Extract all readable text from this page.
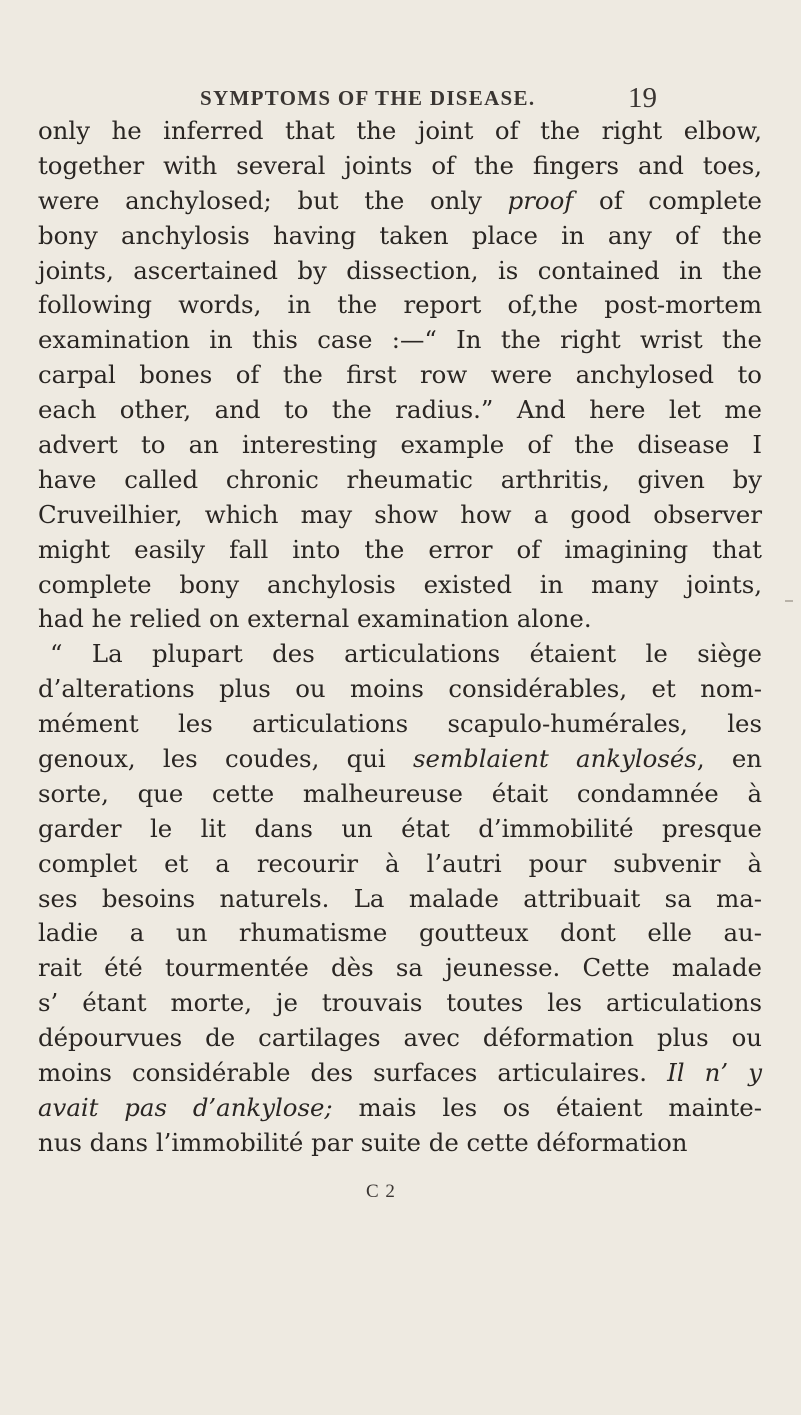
SYMPTOMS OF THE DISEASE.	19
only he inferred that the joint of the right elbow,
together with several joints of the fingers and toes,
were anchylosed; but the only proof of complete
bony anchylosis having taken place in any of the
joints, ascertained by dissection, is contained in the
following words, in the report of,the post-mortem
examination in this case :—“ In the right wrist the
carpal bones of the first row were anchylosed to
each other, and to the radius.” And here let me
advert to an interesting example of the disease I
have called chronic rheumatic arthritis, given by
Cruveilhier, which may show how a good observer
might easily fall into the error of imagining that
complete bony anchylosis existed in many joints,
had he relied on external examination alone.
“ La plupart des articulations étaient le siège
d’alterations plus ou moins considérables, et nom-
mément les articulations scapulo-humérales, les
genoux, les coudes, qui semblaient ankylosés, en
sorte, que cette malheureuse était condamnée à
garder le lit dans un état d’immobilité presque
complet et a recourir à l’autri pour subvenir à
ses besoins naturels. La malade attribuait sa ma-
ladie a un rhumatisme goutteux dont elle au-
rait été tourmentée dès sa jeunesse. Cette malade
s’ étant morte, je trouvais toutes les articulations
dépourvues de cartilages avec déformation plus ou
moins considérable des surfaces articulaires. Il n’ y
avait pas d’ankylose; mais les os étaient mainte-
nus dans l’immobilité par suite de cette déformation
C 2
